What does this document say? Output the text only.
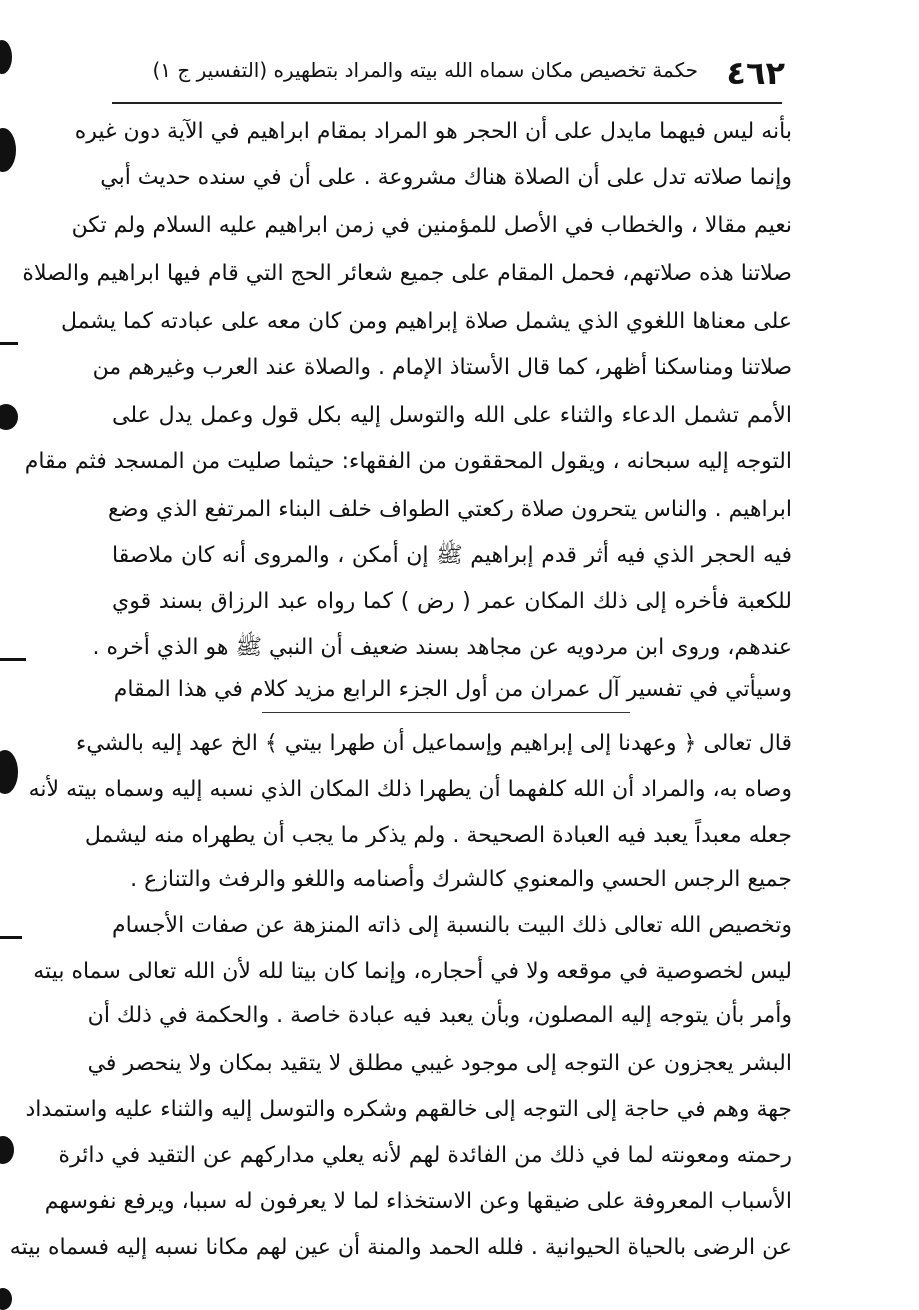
٤٦٢
حكمة تخصيص مكان سماه الله بيته والمراد بتطهيره (التفسير ج ١)
بأنه ليس فيهما مايدل على أن الحجر هو المراد بمقام ابراهيم في الآية دون غيره
وإنما صلاته تدل على أن الصلاة هناك مشروعة . على أن في سنده حديث أبي
نعيم مقالا ، والخطاب في الأصل للمؤمنين في زمن ابراهيم عليه السلام ولم تكن
صلاتنا هذه صلاتهم، فحمل المقام على جميع شعائر الحج التي قام فيها ابراهيم والصلاة
على معناها اللغوي الذي يشمل صلاة إبراهيم ومن كان معه على عبادته كما يشمل
صلاتنا ومناسكنا أظهر، كما قال الأستاذ الإمام . والصلاة عند العرب وغيرهم من
الأمم تشمل الدعاء والثناء على الله والتوسل إليه بكل قول وعمل يدل على
التوجه إليه سبحانه ، ويقول المحققون من الفقهاء: حيثما صليت من المسجد فثم مقام
ابراهيم . والناس يتحرون صلاة ركعتي الطواف خلف البناء المرتفع الذي وضع
فيه الحجر الذي فيه أثر قدم إبراهيم ﷺ إن أمكن ، والمروى أنه كان ملاصقا
للكعبة فأخره إلى ذلك المكان عمر ( رض ) كما رواه عبد الرزاق بسند قوي
عندهم، وروى ابن مردويه عن مجاهد بسند ضعيف أن النبي ﷺ هو الذي أخره .
وسيأتي في تفسير آل عمران من أول الجزء الرابع مزيد كلام في هذا المقام
قال تعالى ﴿ وعهدنا إلى إبراهيم وإسماعيل أن طهرا بيتي ﴾ الخ عهد إليه بالشيء
وصاه به، والمراد أن الله كلفهما أن يطهرا ذلك المكان الذي نسبه إليه وسماه بيته لأنه
جعله معبداً يعبد فيه العبادة الصحيحة . ولم يذكر ما يجب أن يطهراه منه ليشمل
جميع الرجس الحسي والمعنوي كالشرك وأصنامه واللغو والرفث والتنازع .
وتخصيص الله تعالى ذلك البيت بالنسبة إلى ذاته المنزهة عن صفات الأجسام
ليس لخصوصية في موقعه ولا في أحجاره، وإنما كان بيتا لله لأن الله تعالى سماه بيته
وأمر بأن يتوجه إليه المصلون، وبأن يعبد فيه عبادة خاصة . والحكمة في ذلك أن
البشر يعجزون عن التوجه إلى موجود غيبي مطلق لا يتقيد بمكان ولا ينحصر في
جهة وهم في حاجة إلى التوجه إلى خالقهم وشكره والتوسل إليه والثناء عليه واستمداد
رحمته ومعونته لما في ذلك من الفائدة لهم لأنه يعلي مداركهم عن التقيد في دائرة
الأسباب المعروفة على ضيقها وعن الاستخذاء لما لا يعرفون له سببا، ويرفع نفوسهم
عن الرضى بالحياة الحيوانية . فلله الحمد والمنة أن عين لهم مكانا نسبه إليه فسماه بيته
